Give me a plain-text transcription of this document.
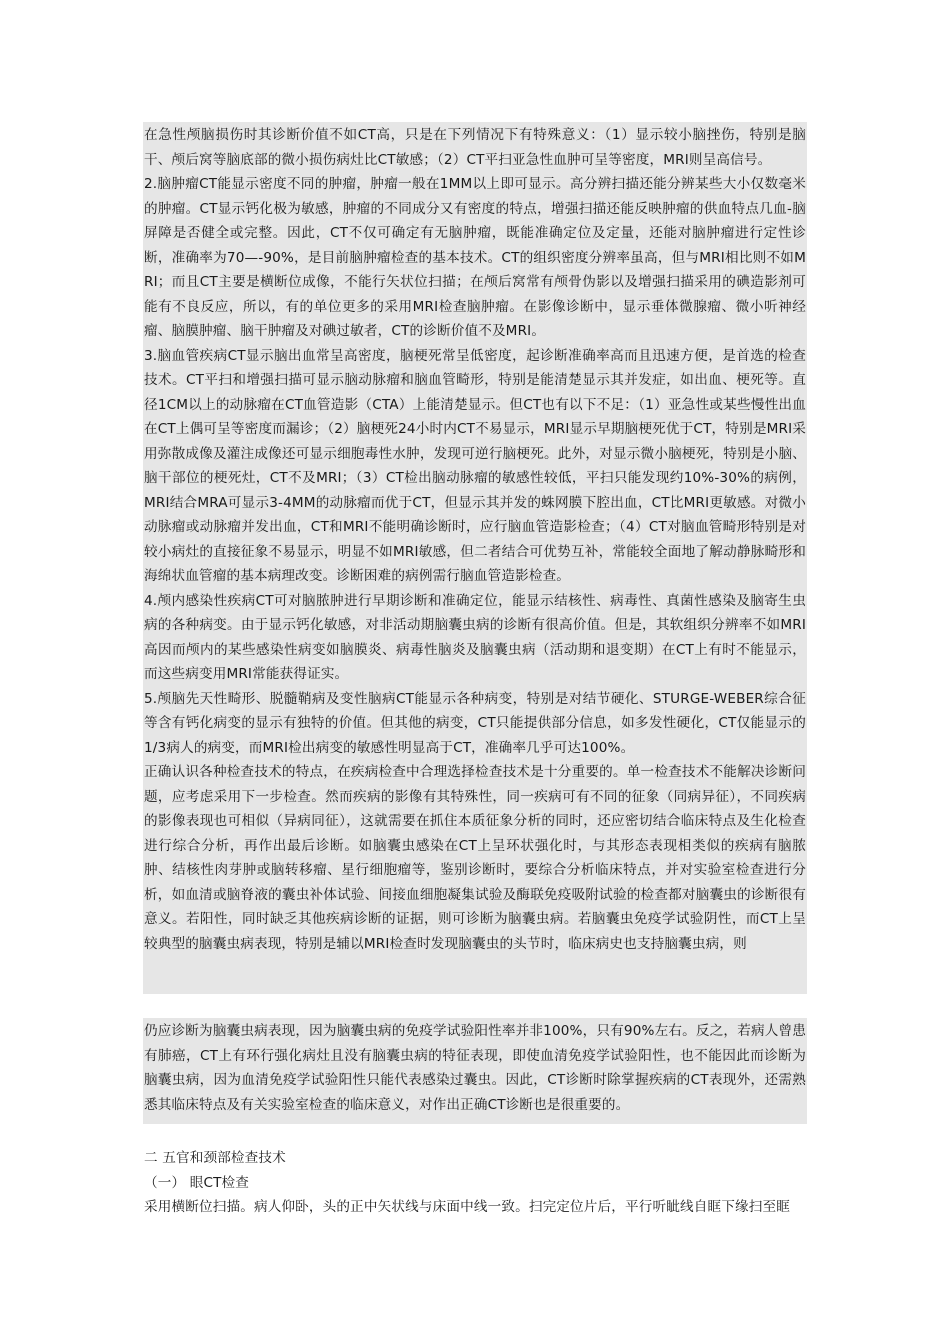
在急性颅脑损伤时其诊断价值不如CT高，只是在下列情况下有特殊意义：（1）显示较小脑挫伤，特别是脑干、颅后窝等脑底部的微小损伤病灶比CT敏感；（2）CT平扫亚急性血肿可呈等密度，MRI则呈高信号。

2.脑肿瘤CT能显示密度不同的肿瘤，肿瘤一般在1MM以上即可显示。高分辨扫描还能分辨某些大小仅数毫米的肿瘤。CT显示钙化极为敏感，肿瘤的不同成分又有密度的特点，增强扫描还能反映肿瘤的供血特点几血-脑屏障是否健全或完整。因此，CT不仅可确定有无脑肿瘤，既能准确定位及定量，还能对脑肿瘤进行定性诊断，准确率为70—-90%，是目前脑肿瘤检查的基本技术。CT的组织密度分辨率虽高，但与MRI相比则不如MRI；而且CT主要是横断位成像，不能行矢状位扫描；在颅后窝常有颅骨伪影以及增强扫描采用的碘造影剂可能有不良反应，所以，有的单位更多的采用MRI检查脑肿瘤。在影像诊断中，显示垂体微腺瘤、微小听神经瘤、脑膜肿瘤、脑干肿瘤及对碘过敏者，CT的诊断价值不及MRI。

3.脑血管疾病CT显示脑出血常呈高密度，脑梗死常呈低密度，起诊断准确率高而且迅速方便，是首选的检查技术。CT平扫和增强扫描可显示脑动脉瘤和脑血管畸形，特别是能清楚显示其并发症，如出血、梗死等。直径1CM以上的动脉瘤在CT血管造影（CTA）上能清楚显示。但CT也有以下不足：（1）亚急性或某些慢性出血在CT上偶可呈等密度而漏诊；（2）脑梗死24小时内CT不易显示，MRI显示早期脑梗死优于CT，特别是MRI采用弥散成像及灌注成像还可显示细胞毒性水肿，发现可逆行脑梗死。此外，对显示微小脑梗死，特别是小脑、脑干部位的梗死灶，CT不及MRI；（3）CT检出脑动脉瘤的敏感性较低，平扫只能发现约10%-30%的病例，MRI结合MRA可显示3-4MM的动脉瘤而优于CT，但显示其并发的蛛网膜下腔出血，CT比MRI更敏感。对微小动脉瘤或动脉瘤并发出血，CT和MRI不能明确诊断时，应行脑血管造影检查；（4）CT对脑血管畸形特别是对较小病灶的直接征象不易显示，明显不如MRI敏感，但二者结合可优势互补，常能较全面地了解动静脉畸形和海绵状血管瘤的基本病理改变。诊断困难的病例需行脑血管造影检查。

4.颅内感染性疾病CT可对脑脓肿进行早期诊断和准确定位，能显示结核性、病毒性、真菌性感染及脑寄生虫病的各种病变。由于显示钙化敏感，对非活动期脑囊虫病的诊断有很高价值。但是，其软组织分辨率不如MRI高因而颅内的某些感染性病变如脑膜炎、病毒性脑炎及脑囊虫病（活动期和退变期）在CT上有时不能显示，而这些病变用MRI常能获得证实。

5.颅脑先天性畸形、脱髓鞘病及变性脑病CT能显示各种病变，特别是对结节硬化、STURGE-WEBER综合征等含有钙化病变的显示有独特的价值。但其他的病变，CT只能提供部分信息，如多发性硬化，CT仅能显示的1/3病人的病变，而MRI检出病变的敏感性明显高于CT，准确率几乎可达100%。

正确认识各种检查技术的特点，在疾病检查中合理选择检查技术是十分重要的。单一检查技术不能解决诊断问题，应考虑采用下一步检查。然而疾病的影像有其特殊性，同一疾病可有不同的征象（同病异征），不同疾病的影像表现也可相似（异病同征），这就需要在抓住本质征象分析的同时，还应密切结合临床特点及生化检查进行综合分析，再作出最后诊断。如脑囊虫感染在CT上呈环状强化时，与其形态表现相类似的疾病有脑脓肿、结核性肉芽肿或脑转移瘤、星行细胞瘤等，鉴别诊断时，要综合分析临床特点，并对实验室检查进行分析，如血清或脑脊液的囊虫补体试验、间接血细胞凝集试验及酶联免疫吸附试验的检查都对脑囊虫的诊断很有意义。若阳性，同时缺乏其他疾病诊断的证据，则可诊断为脑囊虫病。若脑囊虫免疫学试验阴性，而CT上呈较典型的脑囊虫病表现，特别是辅以MRI检查时发现脑囊虫的头节时，临床病史也支持脑囊虫病，则

仍应诊断为脑囊虫病表现，因为脑囊虫病的免疫学试验阳性率并非100%，只有90%左右。反之，若病人曾患有肺癌，CT上有环行强化病灶且没有脑囊虫病的特征表现，即使血清免疫学试验阳性，也不能因此而诊断为脑囊虫病，因为血清免疫学试验阳性只能代表感染过囊虫。因此，CT诊断时除掌握疾病的CT表现外，还需熟悉其临床特点及有关实验室检查的临床意义，对作出正确CT诊断也是很重要的。

二 五官和颈部检查技术

（一） 眼CT检查

采用横断位扫描。病人仰卧，头的正中矢状线与床面中线一致。扫完定位片后，平行听眦线自眶下缘扫至眶
